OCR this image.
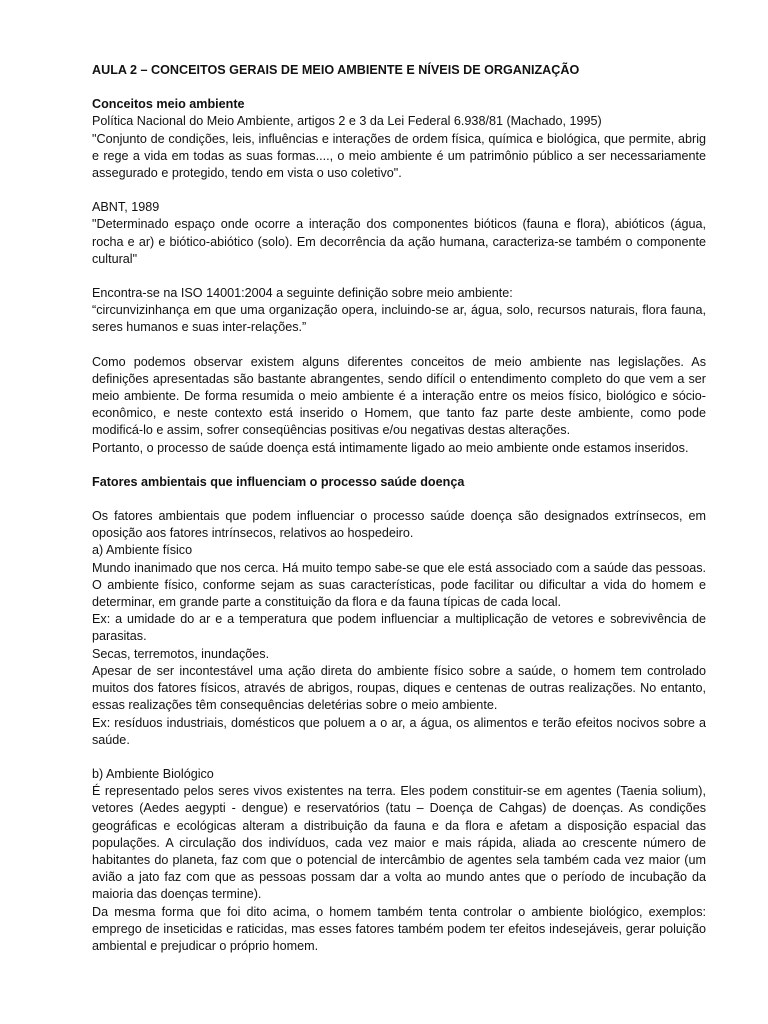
AULA 2 – CONCEITOS GERAIS DE MEIO AMBIENTE E NÍVEIS DE ORGANIZAÇÃO

Conceitos meio ambiente

Política Nacional do Meio Ambiente, artigos 2 e 3 da Lei Federal 6.938/81 (Machado, 1995)

"Conjunto de condições, leis, influências e interações de ordem física, química e biológica, que permite, abrig e rege a vida em todas as suas formas...., o meio ambiente é um patrimônio público a ser necessariamente assegurado e protegido, tendo em vista o uso coletivo".

ABNT, 1989

"Determinado espaço onde ocorre a interação dos componentes bióticos (fauna e flora), abióticos (água, rocha e ar) e biótico-abiótico (solo). Em decorrência da ação humana, caracteriza-se também o componente cultural"

Encontra-se na ISO 14001:2004 a seguinte definição sobre meio ambiente:

“circunvizinhança em que uma organização opera, incluindo-se ar, água, solo, recursos naturais, flora fauna, seres humanos e suas inter-relações.”

Como podemos observar existem alguns diferentes conceitos de meio ambiente nas legislações. As definições apresentadas são bastante abrangentes, sendo difícil o entendimento completo do que vem a ser meio ambiente. De forma resumida o meio ambiente é a interação entre os meios físico, biológico e sócio-econômico, e neste contexto está inserido o Homem, que tanto faz parte deste ambiente, como pode modificá-lo e assim, sofrer conseqüências positivas e/ou negativas destas alterações.

Portanto, o processo de saúde doença está intimamente ligado ao meio ambiente onde estamos inseridos.

Fatores ambientais que influenciam o processo saúde doença

Os fatores ambientais que podem influenciar o processo saúde doença são designados extrínsecos, em oposição aos fatores intrínsecos, relativos ao hospedeiro.

a) Ambiente físico

Mundo inanimado que nos cerca. Há muito tempo sabe-se que ele está associado com a saúde das pessoas. O ambiente físico, conforme sejam as suas características, pode facilitar ou dificultar a vida do homem e determinar, em grande parte a constituição da flora e da fauna típicas de cada local.

Ex: a umidade do ar e a temperatura que podem influenciar a multiplicação de vetores e sobrevivência de parasitas.

Secas, terremotos, inundações.

Apesar de ser incontestável uma ação direta do ambiente físico sobre a saúde, o homem tem controlado muitos dos fatores físicos, através de abrigos, roupas, diques e centenas de outras realizações. No entanto, essas realizações têm consequências deletérias sobre o meio ambiente.

Ex: resíduos industriais, domésticos que poluem a o ar, a água, os alimentos e terão efeitos nocivos sobre a saúde.

b) Ambiente Biológico

É representado pelos seres vivos existentes na terra. Eles podem constituir-se em agentes (Taenia solium), vetores (Aedes aegypti - dengue) e reservatórios (tatu – Doença de Cahgas) de doenças. As condições geográficas e ecológicas alteram a distribuição da fauna e da flora e afetam a disposição espacial das populações. A circulação dos indivíduos, cada vez maior e mais rápida, aliada ao crescente número de habitantes do planeta, faz com que o potencial de intercâmbio de agentes sela também cada vez maior (um avião a jato faz com que as pessoas possam dar a volta ao mundo antes que o período de incubação da maioria das doenças termine).

Da mesma forma que foi dito acima, o homem também tenta controlar o ambiente biológico, exemplos: emprego de inseticidas e raticidas, mas esses fatores também podem ter efeitos indesejáveis, gerar poluição ambiental e prejudicar o próprio homem.
